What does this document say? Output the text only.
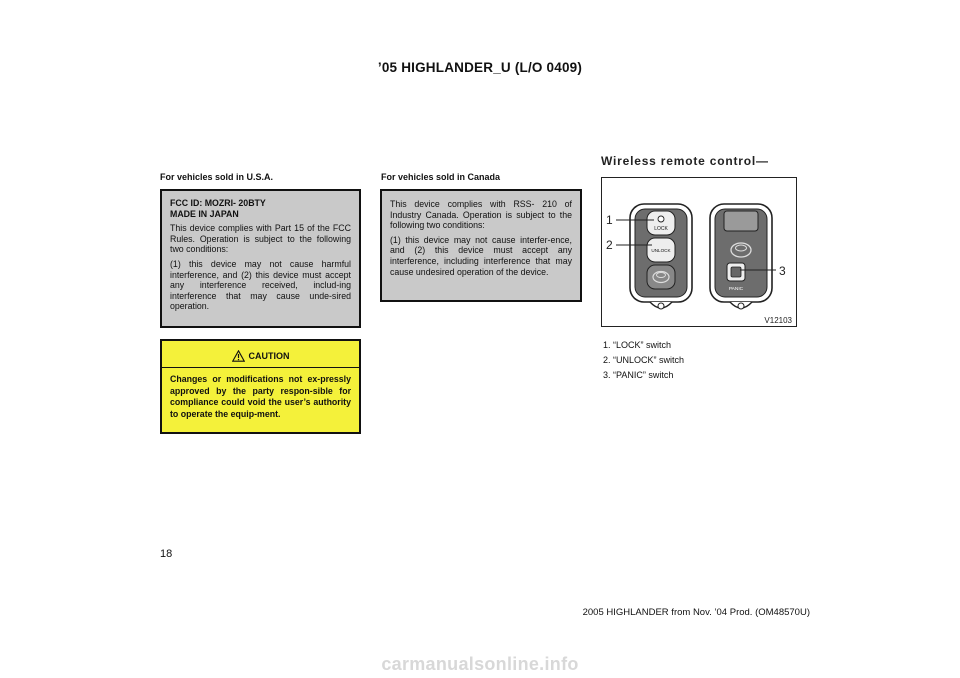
’05 HIGHLANDER_U (L/O 0409)
For vehicles sold in U.S.A.

FCC ID: MOZRI- 20BTY

MADE IN JAPAN

This device complies with Part 15 of the FCC Rules. Operation is subject to the following two conditions:

(1) this device may not cause harmful interference, and (2) this device must accept any interference received, includ-ing interference that may cause unde-sired operation.

CAUTION
Changes or modifications not ex-pressly approved by the party respon-sible for compliance could void the user’s authority to operate the equip-ment.
For vehicles sold in Canada

This device complies with RSS- 210 of Industry Canada. Operation is subject to the following two conditions:

(1) this device may not cause interfer-ence, and (2) this device must accept any interference, including interference that may cause undesired operation of the device.

Wireless remote control—
LOCK
UNLOCK
PANIC
1
2
3
V12103
1. “LOCK” switch
2. “UNLOCK” switch
3. “PANIC” switch
18
2005 HIGHLANDER from Nov. ’04 Prod. (OM48570U)
carmanualsonline.info
